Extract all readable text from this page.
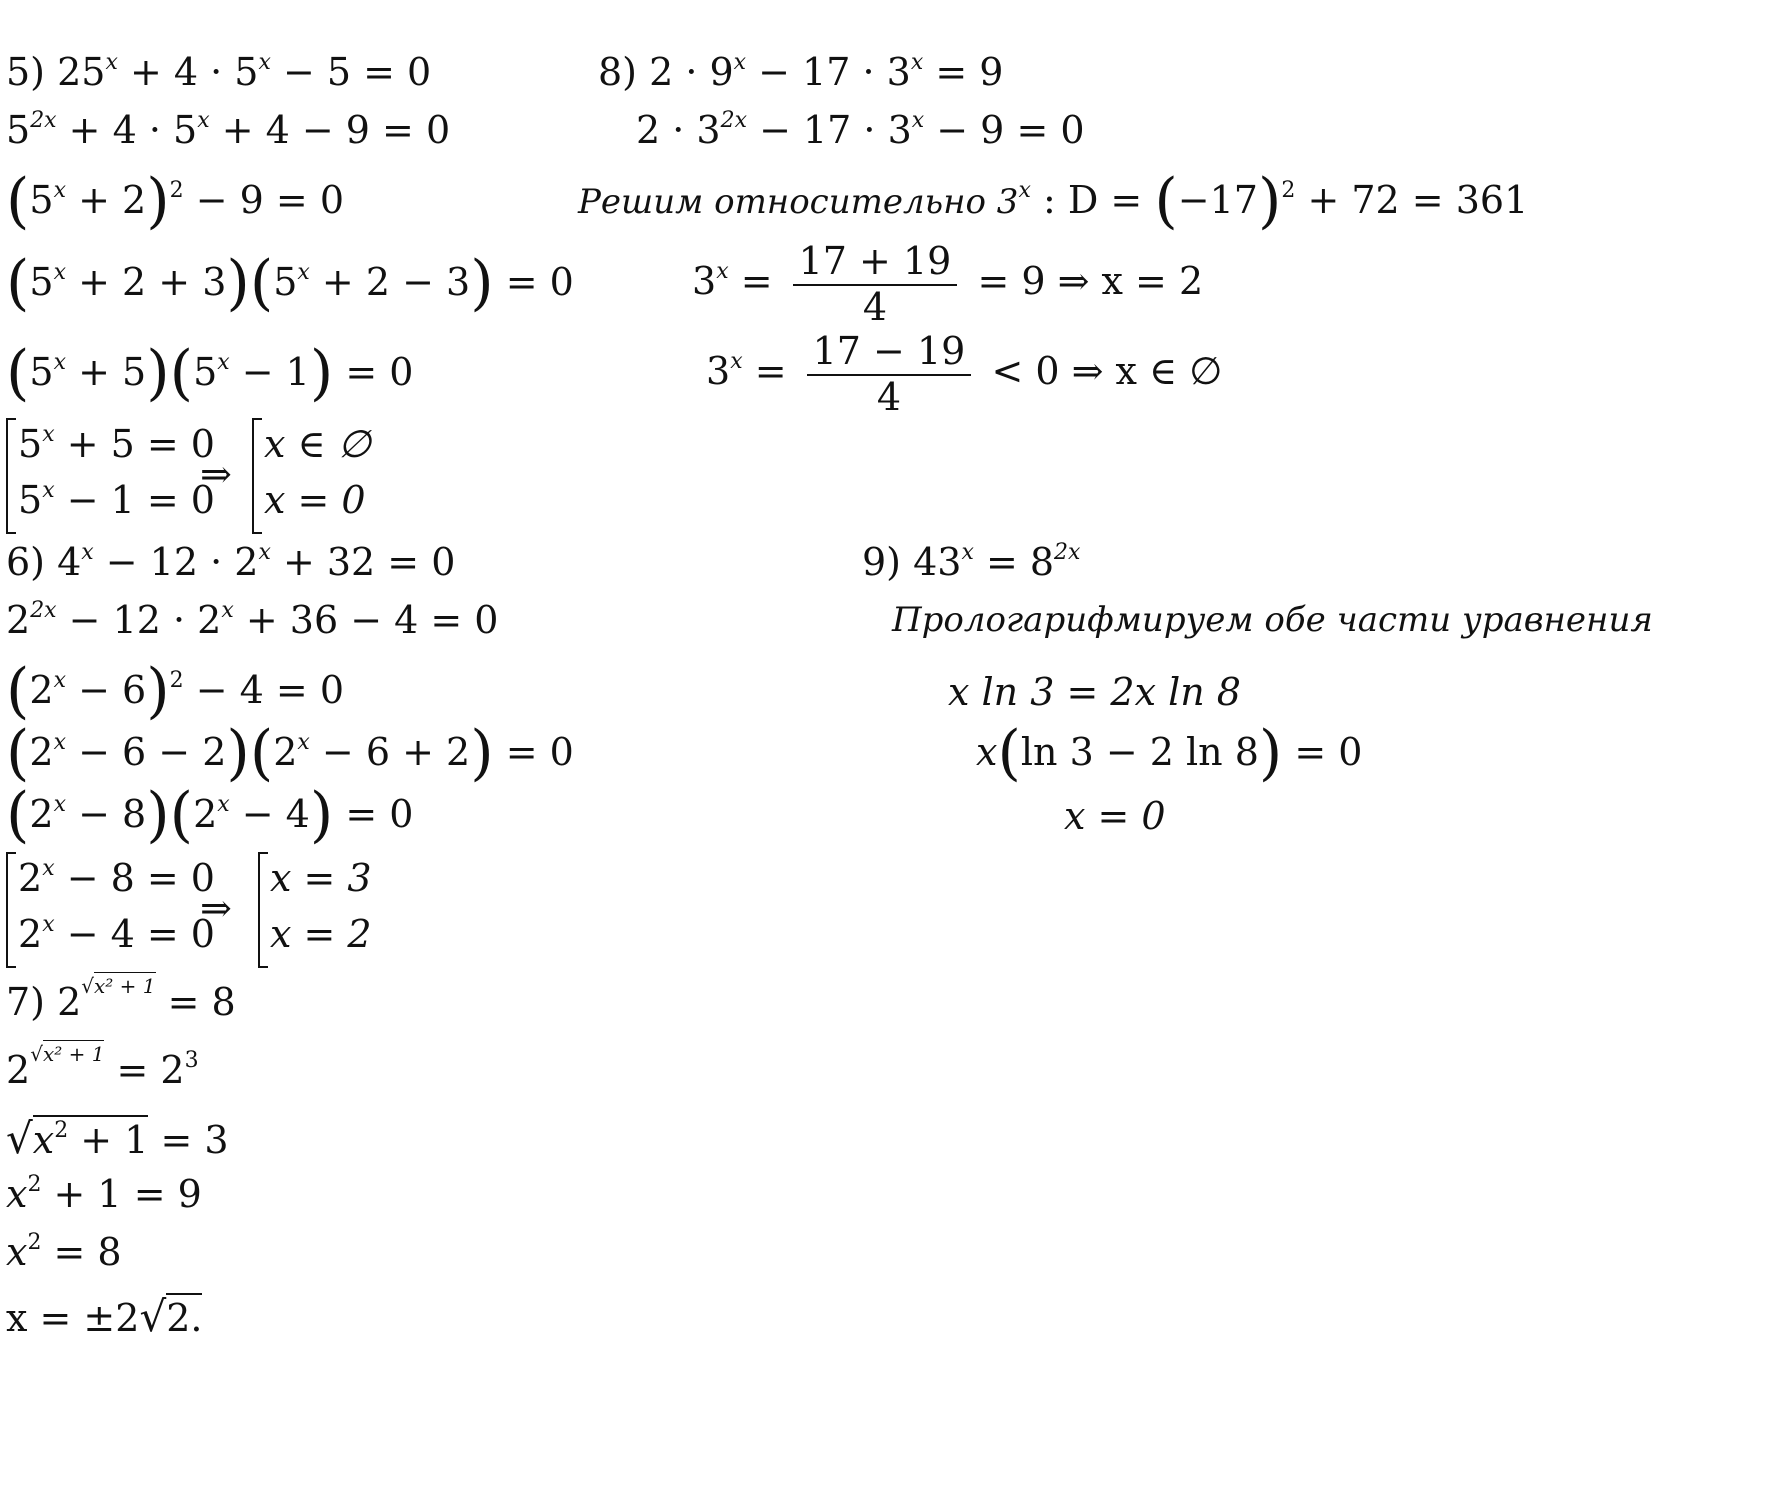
5) $25^x + 4 \cdot 5^x - 5 = 0$
$5^{2x} + 4 \cdot 5^x + 4 - 9 = 0$
$(5^x + 2)^2 - 9 = 0$
$(5^x + 2 + 3)(5^x + 2 - 3) = 0$
$(5^x + 5)(5^x - 1) = 0$
$5^x + 5 = 0$
$5^x - 1 = 0$
⇒
x ∈ ∅
x = 0
6) $4^x - 12 \cdot 2^x + 32 = 0$
$2^{2x} - 12 \cdot 2^x + 36 - 4 = 0$
$(2^x - 6)^2 - 4 = 0$
$(2^x - 6 - 2)(2^x - 6 + 2) = 0$
$(2^x - 8)(2^x - 4) = 0$
$2^x - 8 = 0$
$2^x - 4 = 0$
⇒
x = 3
x = 2
7) $2^{√x^2 + 1} = 8$
$2^{√x^2 + 1} = 2^3$
$√x^2 + 1 = 3$
$x^2 + 1 = 9$
$x^2 = 8$
x = ±2√2.
8) $2 \cdot 9^x - 17 \cdot 3^x = 9$
$2 \cdot 3^{2x} - 17 \cdot 3^x - 9 = 0$
Решим относительно 3$^x$ : $D = (-17)^2 + 72 = 361$
$3^x = \frac{17 + 19}{4} = 9$ ⇒ x = 2
$3^x = \frac{17 - 19}{4} < 0$ ⇒ x ∈ ∅
9) $43^x = 8^{2x}$
Прологарифмируем обе части уравнения
x ln 3 = 2x ln 8
x(ln 3 − 2 ln 8) = 0
x = 0
